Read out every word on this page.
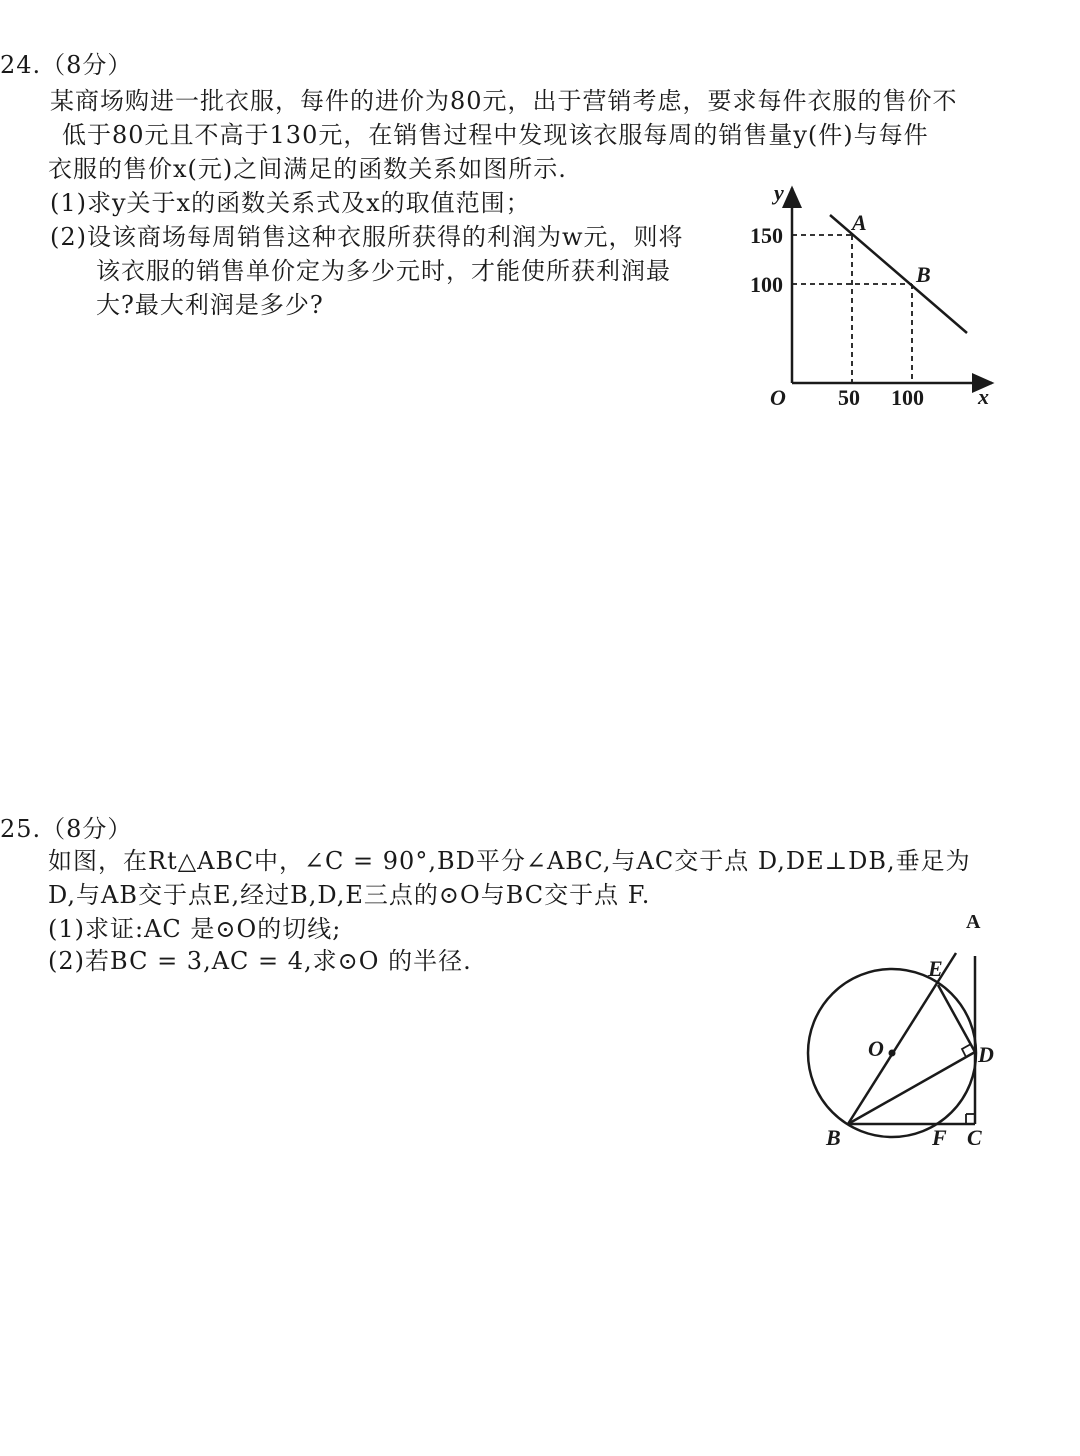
24.（8分）
某商场购进一批衣服，每件的进价为80元，出于营销考虑，要求每件衣服的售价不
低于80元且不高于130元，在销售过程中发现该衣服每周的销售量y(件)与每件
衣服的售价x(元)之间满足的函数关系如图所示.
(1)求y关于x的函数关系式及x的取值范围；
(2)设该商场每周销售这种衣服所获得的利润为w元，则将
该衣服的销售单价定为多少元时，才能使所获利润最
大?最大利润是多少?
y
x
O
150
100
50 100
A
B
25.（8分）
如图，在Rt△ABC中，∠C = 90°,BD平分∠ABC,与AC交于点 D,DE⊥DB,垂足为
D,与AB交于点E,经过B,D,E三点的⊙O与BC交于点 F.
(1)求证:AC 是⊙O的切线;
(2)若BC = 3,AC = 4,求⊙O 的半径.
A
E
O	D
B	F C
